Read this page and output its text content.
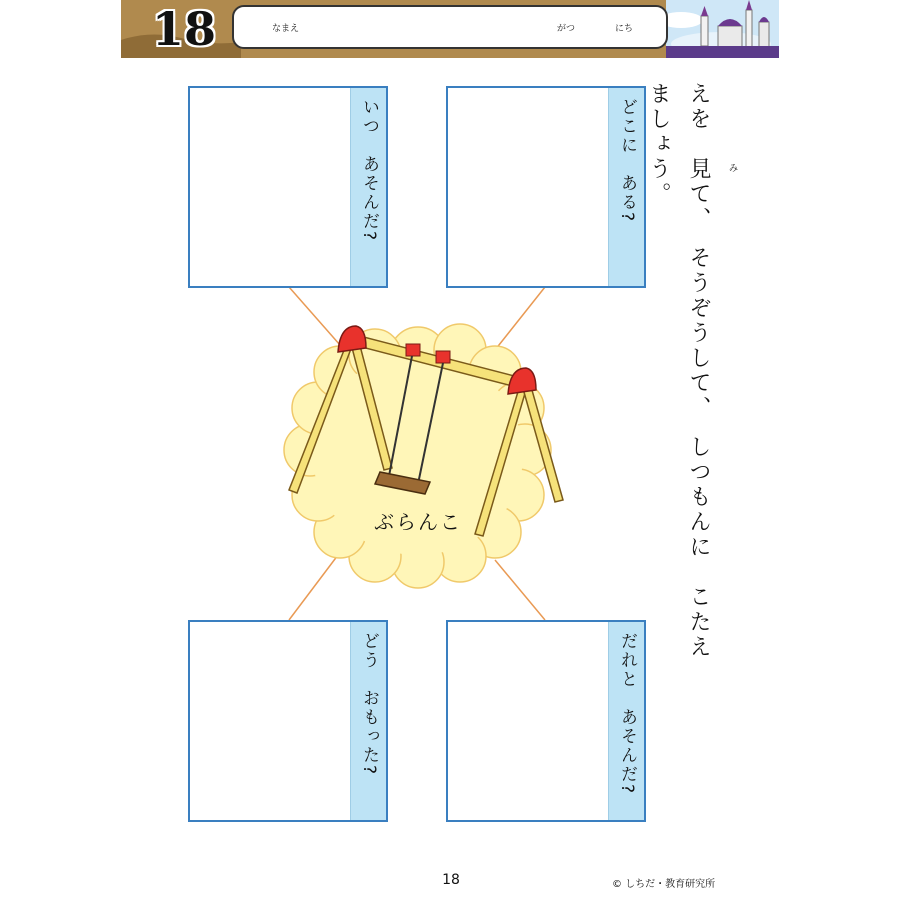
18	なまえ	がつ	にち
ぶらんこ
いつ　あそんだ?	どこに　ある?
どう　おもった?	だれと　あそんだ?
えを　見て、　そうぞうして、　しつもんに　こたえましょう。	み
18	© しちだ・教育研究所
